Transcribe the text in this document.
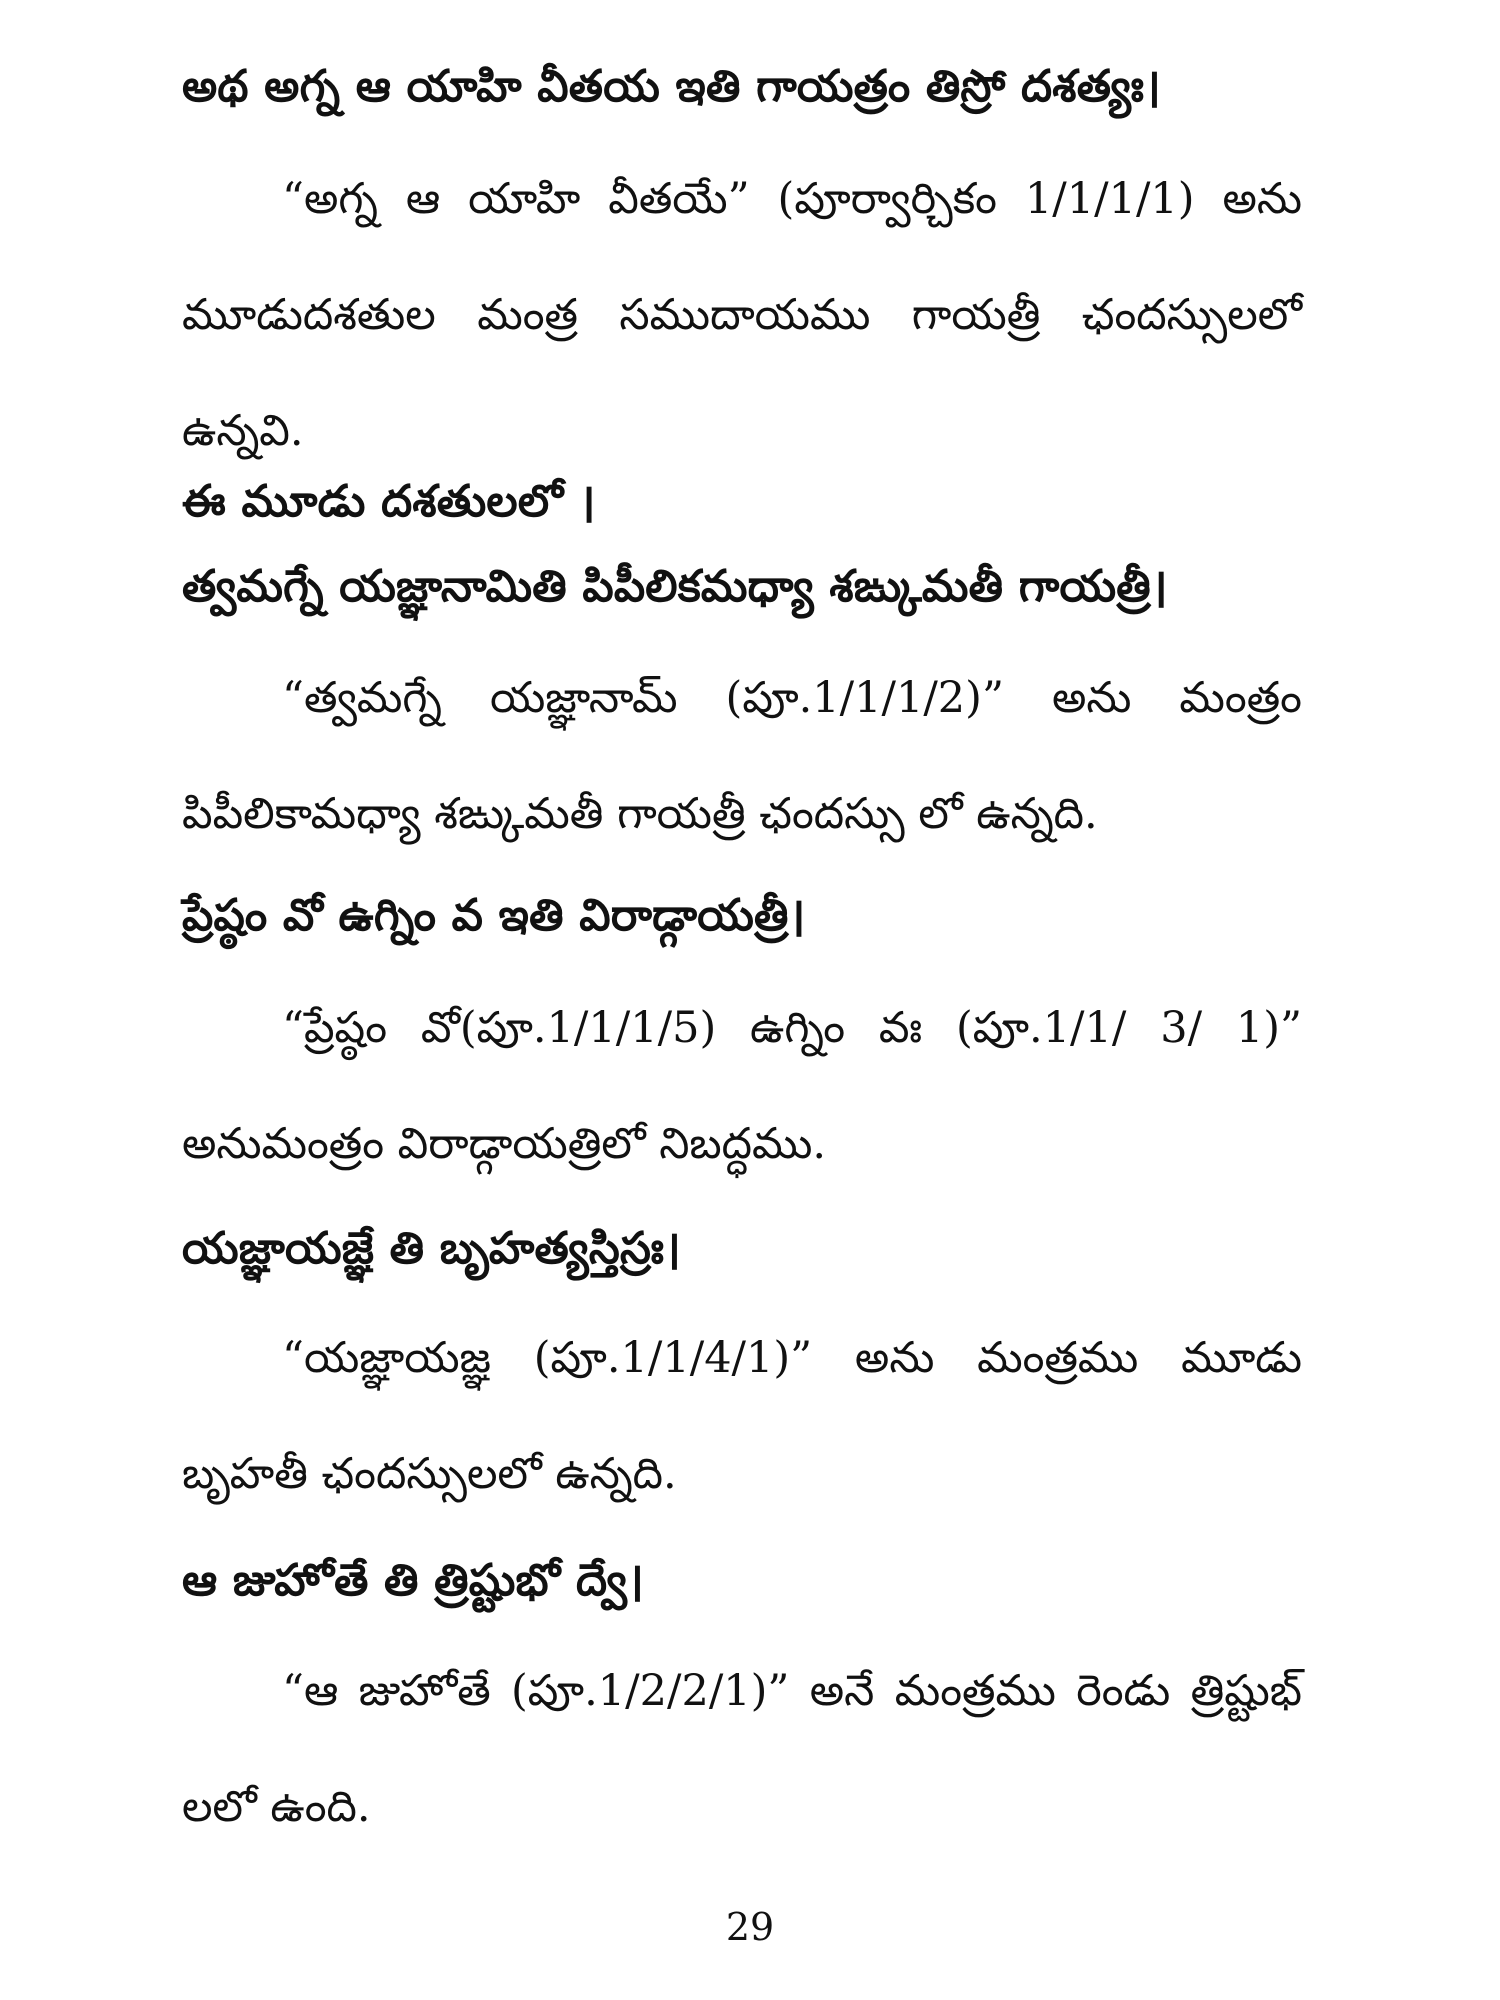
అథ అగ్న ఆ యాహి వీతయ ఇతి గాయత్రం తిస్రో దశత్యః।
“అగ్న ఆ యాహి వీతయే” (పూర్వార్చికం 1/1/1/1) అను మూడుదశతుల మంత్ర సముదాయము గాయత్రీ ఛందస్సులలో ఉన్నవి.
ఈ మూడు దశతులలో ।
త్వమగ్నే యజ్ఞానామితి పిపీలికమధ్యా శఙ్కుమతీ గాయత్రీ।
“త్వమగ్నే యజ్ఞానామ్ (పూ.1/1/1/2)” అను మంత్రం పిపీలికామధ్యా శఙ్కుమతీ గాయత్రీ ఛందస్సు లో ఉన్నది.
ప్రేష్ఠం వో ఉగ్నిం వ ఇతి విరాడ్గాయత్రీ।
“ప్రేష్ఠం వో(పూ.1/1/1/5) ఉగ్నిం వః (పూ.1/1/ 3/ 1)” అనుమంత్రం విరాడ్గాయత్రిలో నిబద్ధము.
యజ్ఞాయజ్ఞే తి బృహత్యస్తిస్రః।
“యజ్ఞాయజ్ఞ (పూ.1/1/4/1)” అను మంత్రము మూడు బృహతీ ఛందస్సులలో ఉన్నది.
ఆ జుహోతే తి త్రిష్టుభో ద్వే।
“ఆ జుహోతే (పూ.1/2/2/1)” అనే మంత్రము రెండు త్రిష్టుభ్ లలో ఉంది.
29
